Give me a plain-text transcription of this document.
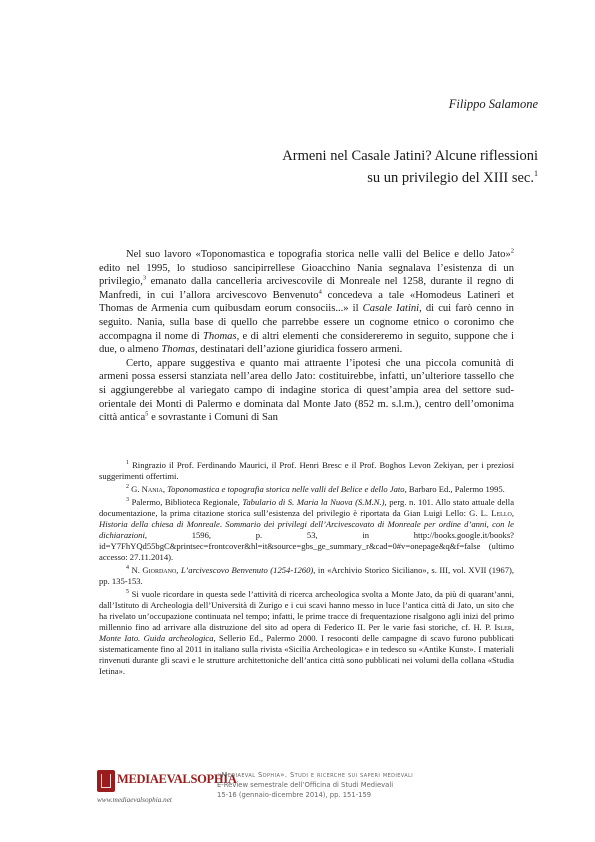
Filippo Salamone
Armeni nel Casale Jatini? Alcune riflessioni
su un privilegio del XIII sec.$^1$

Nel suo lavoro «Toponomastica e topografia storica nelle valli del Belice e dello Jato»$^2$ edito nel 1995, lo studioso sancipirrellese Gioacchino Nania segnalava l’esistenza di un privilegio,$^3$ emanato dalla cancelleria arcivescovile di Monreale nel 1258, durante il regno di Manfredi, in cui l’allora arcivescovo Benvenuto$^4$ concedeva a tale «Homodeus Latineri et Thomas de Armenia cum quibusdam eorum consociis...» il Casale Iatini, di cui farò cenno in seguito. Nania, sulla base di quello che parrebbe essere un cognome etnico o coronimo che accompagna il nome di Thomas, e di altri elementi che considereremo in seguito, suppone che i due, o almeno Thomas, destinatari dell’azione giuridica fossero armeni.

Certo, appare suggestiva e quanto mai attraente l’ipotesi che una piccola comunità di armeni possa essersi stanziata nell’area dello Jato: costituirebbe, infatti, un’ulteriore tassello che si aggiungerebbe al variegato campo di indagine storica di quest’ampia area del settore sud-orientale dei Monti di Palermo e dominata dal Monte Jato (852 m. s.l.m.), centro dell’omonima città antica$^5$ e sovrastante i Comuni di San

$^1$ Ringrazio il Prof. Ferdinando Maurici, il Prof. Henri Bresc e il Prof. Boghos Levon Zekiyan, per i preziosi suggerimenti offertimi.

$^2$ G. Nania, Toponomastica e topografia storica nelle valli del Belice e dello Jato, Barbaro Ed., Palermo 1995.

$^3$ Palermo, Biblioteca Regionale, Tabulario di S. Maria la Nuova (S.M.N.), perg. n. 101. Allo stato attuale della documentazione, la prima citazione storica sull’esistenza del privilegio è riportata da Gian Luigi Lello: G. L. Lello, Historia della chiesa di Monreale. Sommario dei privilegi dell’Arcivescovato di Monreale per ordine d’anni, con le dichiarazioni, 1596, p. 53, in http://books.google.it/books?id=Y7FhYQd55bgC&printsec=frontcover&hl=it&source=gbs_ge_summary_r&cad=0#v=onepage&q&f=false (ultimo accesso: 27.11.2014).

$^4$ N. Giordano, L’arcivescovo Benvenuto (1254-1260), in «Archivio Storico Siciliano», s. III, vol. XVII (1967), pp. 135-153.

$^5$ Si vuole ricordare in questa sede l’attività di ricerca archeologica svolta a Monte Jato, da più di quarant’anni, dall’Istituto di Archeologia dell’Università di Zurigo e i cui scavi hanno messo in luce l’antica città di Jato, un sito che ha rivelato un’occupazione continuata nel tempo; infatti, le prime tracce di frequentazione risalgono agli inizi del primo millennio fino ad arrivare alla distruzione del sito ad opera di Federico II. Per le varie fasi storiche, cf. H. P. Isler, Monte Iato. Guida archeologica, Sellerio Ed., Palermo 2000. I resoconti delle campagne di scavo furono pubblicati sistematicamente fino al 2011 in italiano sulla rivista «Sicilia Archeologica» e in tedesco su «Antike Kunst». I materiali rinvenuti durante gli scavi e le strutture architettoniche dell’antica città sono pubblicati nei volumi della collana «Studia Ietina».

MEDIAEVALSOPHIA
www.mediaevalsophia.net
«Mediaeval Sophia». Studi e ricerche sui saperi medievali
E-Review semestrale dell’Officina di Studi Medievali
15-16 (gennaio-dicembre 2014), pp. 151-159
